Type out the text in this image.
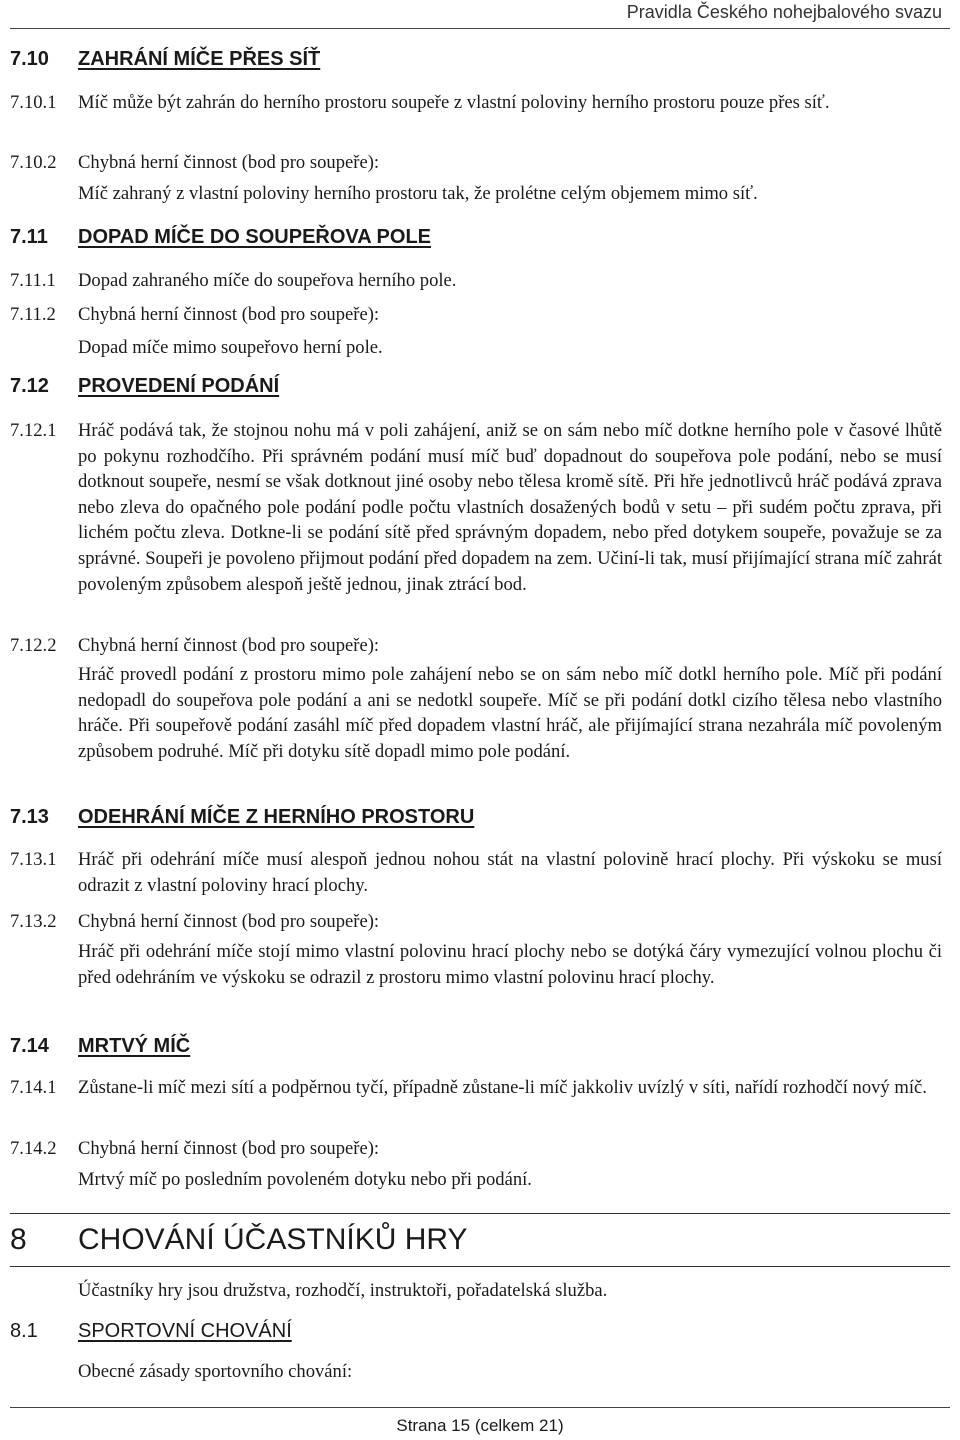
Pravidla Českého nohejbalového svazu
7.10	ZAHRÁNÍ MÍČE PŘES SÍŤ
7.10.1 Míč může být zahrán do herního prostoru soupeře z vlastní poloviny herního prostoru pouze přes síť.
7.10.2 Chybná herní činnost (bod pro soupeře):
Míč zahraný z vlastní poloviny herního prostoru tak, že prolétne celým objemem mimo síť.
7.11	DOPAD MÍČE DO SOUPEŘOVA POLE
7.11.1 Dopad zahraného míče do soupeřova herního pole.
7.11.2 Chybná herní činnost (bod pro soupeře):
Dopad míče mimo soupeřovo herní pole.
7.12	PROVEDENÍ PODÁNÍ
7.12.1 Hráč podává tak, že stojnou nohu má v poli zahájení, aniž se on sám nebo míč dotkne herního pole v časové lhůtě po pokynu rozhodčího. Při správném podání musí míč buď dopadnout do soupeřova pole podání, nebo se musí dotknout soupeře, nesmí se však dotknout jiné osoby nebo tělesa kromě sítě. Při hře jednotlivců hráč podává zprava nebo zleva do opačného pole podání podle počtu vlastních dosažených bodů v setu – při sudém počtu zprava, při lichém počtu zleva. Dotkne-li se podání sítě před správným dopadem, nebo před dotykem soupeře, považuje se za správné. Soupeři je povoleno přijmout podání před dopadem na zem. Učiní-li tak, musí přijímající strana míč zahrát povoleným způsobem alespoň ještě jednou, jinak ztrácí bod.
7.12.2 Chybná herní činnost (bod pro soupeře):
Hráč provedl podání z prostoru mimo pole zahájení nebo se on sám nebo míč dotkl herního pole. Míč při podání nedopadl do soupeřova pole podání a ani se nedotkl soupeře. Míč se při podání dotkl cizího tělesa nebo vlastního hráče. Při soupeřově podání zasáhl míč před dopadem vlastní hráč, ale přijímající strana nezahrála míč povoleným způsobem podruhé. Míč při dotyku sítě dopadl mimo pole podání.
7.13	ODEHRÁNÍ MÍČE Z HERNÍHO PROSTORU
7.13.1 Hráč při odehrání míče musí alespoň jednou nohou stát na vlastní polovině hrací plochy. Při výskoku se musí odrazit z vlastní poloviny hrací plochy.
7.13.2 Chybná herní činnost (bod pro soupeře):
Hráč při odehrání míče stojí mimo vlastní polovinu hrací plochy nebo se dotýká čáry vymezující volnou plochu či před odehráním ve výskoku se odrazil z prostoru mimo vlastní polovinu hrací plochy.
7.14	MRTVÝ MÍČ
7.14.1 Zůstane-li míč mezi sítí a podpěrnou tyčí, případně zůstane-li míč jakkoliv uvízlý v síti, nařídí rozhodčí nový míč.
7.14.2 Chybná herní činnost (bod pro soupeře):
Mrtvý míč po posledním povoleném dotyku nebo při podání.
8	CHOVÁNÍ ÚČASTNÍKŮ HRY
Účastníky hry jsou družstva, rozhodčí, instruktoři, pořadatelská služba.
8.1	SPORTOVNÍ CHOVÁNÍ
Obecné zásady sportovního chování:
Strana 15 (celkem 21)
